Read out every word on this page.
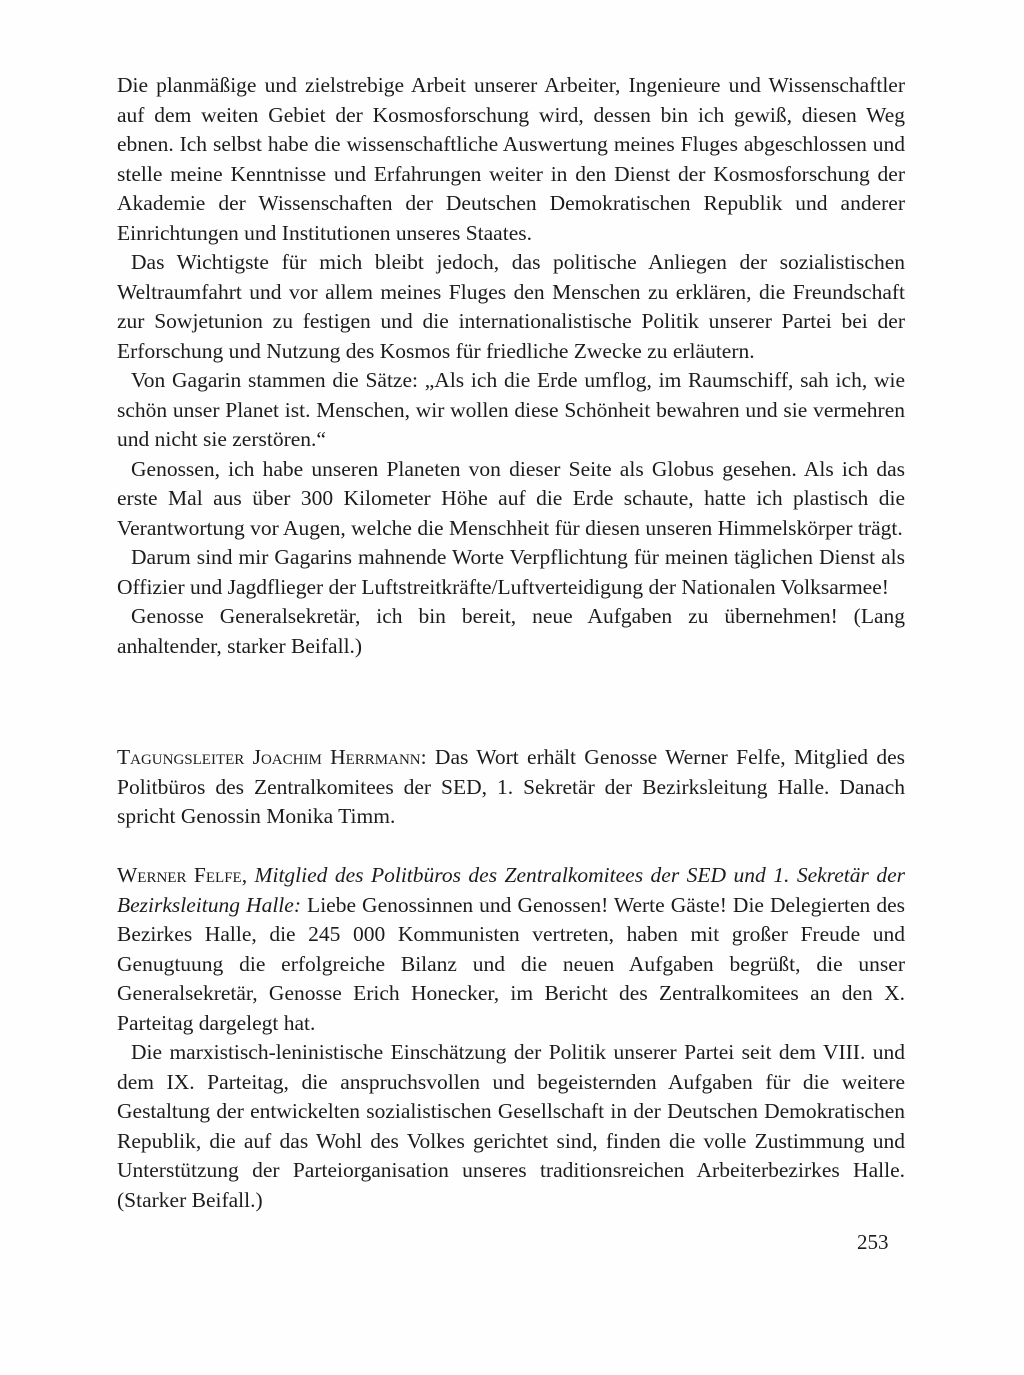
Die planmäßige und zielstrebige Arbeit unserer Arbeiter, Ingenieure und Wissenschaftler auf dem weiten Gebiet der Kosmosforschung wird, dessen bin ich gewiß, diesen Weg ebnen. Ich selbst habe die wissenschaftliche Auswertung meines Fluges abgeschlossen und stelle meine Kenntnisse und Erfahrungen weiter in den Dienst der Kosmosforschung der Akademie der Wissenschaften der Deutschen Demokratischen Republik und anderer Einrichtungen und Institutionen unseres Staates.

Das Wichtigste für mich bleibt jedoch, das politische Anliegen der sozialistischen Weltraumfahrt und vor allem meines Fluges den Menschen zu erklären, die Freundschaft zur Sowjetunion zu festigen und die internationalistische Politik unserer Partei bei der Erforschung und Nutzung des Kosmos für friedliche Zwecke zu erläutern.

Von Gagarin stammen die Sätze: „Als ich die Erde umflog, im Raumschiff, sah ich, wie schön unser Planet ist. Menschen, wir wollen diese Schönheit bewahren und sie vermehren und nicht sie zerstören.“

Genossen, ich habe unseren Planeten von dieser Seite als Globus gesehen. Als ich das erste Mal aus über 300 Kilometer Höhe auf die Erde schaute, hatte ich plastisch die Verantwortung vor Augen, welche die Menschheit für diesen unseren Himmelskörper trägt.

Darum sind mir Gagarins mahnende Worte Verpflichtung für meinen täglichen Dienst als Offizier und Jagdflieger der Luftstreitkräfte/Luftverteidigung der Nationalen Volksarmee!

Genosse Generalsekretär, ich bin bereit, neue Aufgaben zu übernehmen! (Lang anhaltender, starker Beifall.)

Tagungsleiter Joachim Herrmann: Das Wort erhält Genosse Werner Felfe, Mitglied des Politbüros des Zentralkomitees der SED, 1. Sekretär der Bezirksleitung Halle. Danach spricht Genossin Monika Timm.

Werner Felfe, Mitglied des Politbüros des Zentralkomitees der SED und 1. Sekretär der Bezirksleitung Halle: Liebe Genossinnen und Genossen! Werte Gäste! Die Delegierten des Bezirkes Halle, die 245 000 Kommunisten vertreten, haben mit großer Freude und Genugtuung die erfolgreiche Bilanz und die neuen Aufgaben begrüßt, die unser Generalsekretär, Genosse Erich Honecker, im Bericht des Zentralkomitees an den X. Parteitag dargelegt hat.

Die marxistisch-leninistische Einschätzung der Politik unserer Partei seit dem VIII. und dem IX. Parteitag, die anspruchsvollen und begeisternden Aufgaben für die weitere Gestaltung der entwickelten sozialistischen Gesellschaft in der Deutschen Demokratischen Republik, die auf das Wohl des Volkes gerichtet sind, finden die volle Zustimmung und Unterstützung der Parteiorganisation unseres traditionsreichen Arbeiterbezirkes Halle. (Starker Beifall.)

253
